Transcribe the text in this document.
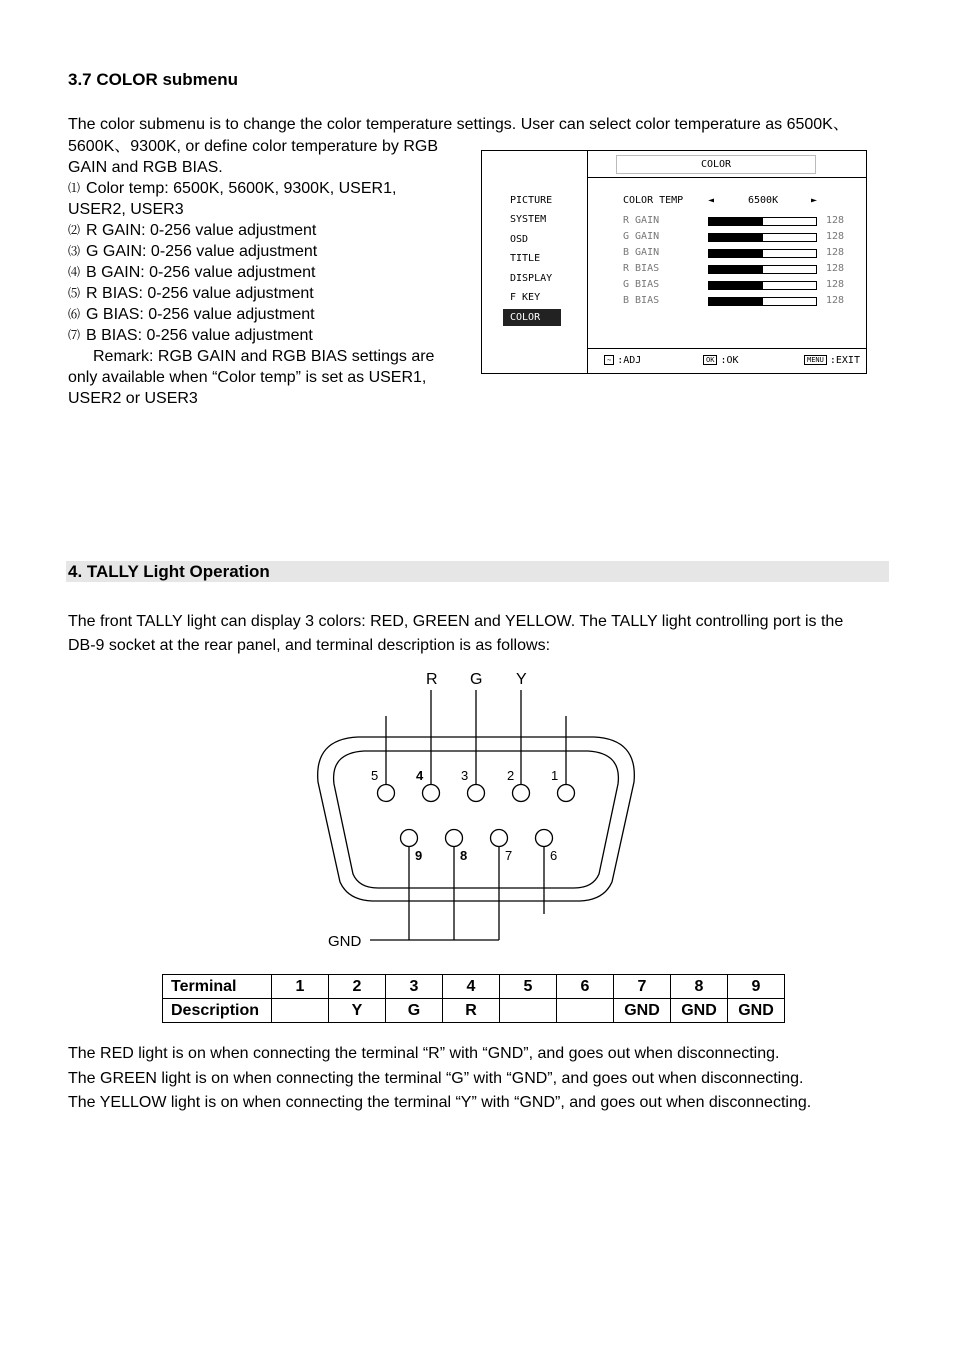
3.7 COLOR submenu
The color submenu is to change the color temperature settings. User can select color temperature as 6500K、
5600K、9300K, or define color temperature by RGB
GAIN and RGB BIAS.
⑴ Color temp: 6500K, 5600K, 9300K, USER1,
USER2, USER3
⑵ R GAIN: 0-256 value adjustment
⑶ G GAIN: 0-256 value adjustment
⑷ B GAIN: 0-256 value adjustment
⑸ R BIAS: 0-256 value adjustment
⑹ G BIAS: 0-256 value adjustment
⑺ B BIAS: 0-256 value adjustment
Remark: RGB GAIN and RGB BIAS settings are
only available when “Color temp” is set as USER1,
USER2 or USER3
COLOR
PICTURE
SYSTEM
OSD
TITLE
DISPLAY
F KEY
COLOR
COLOR TEMP ◄	6500K	►
R GAIN	128
G GAIN	128
B GAIN	128
R BIAS	128
G BIAS	128
B BIAS	128
∼ :ADJ	OK :OK	MENU :EXIT
4. TALLY Light Operation
The front TALLY light can display 3 colors: RED, GREEN and YELLOW. The TALLY light controlling port is the
DB-9 socket at the rear panel, and terminal description is as follows:
R G Y
GND
5	4	3	2	1
9	8	7	6
Terminal	1	2	3	4	5	6	7	8	9
Description		Y	G	R			GND	GND	GND
The RED light is on when connecting the terminal “R” with “GND”, and goes out when disconnecting.
The GREEN light is on when connecting the terminal “G” with “GND”, and goes out when disconnecting.
The YELLOW light is on when connecting the terminal “Y” with “GND”, and goes out when disconnecting.
